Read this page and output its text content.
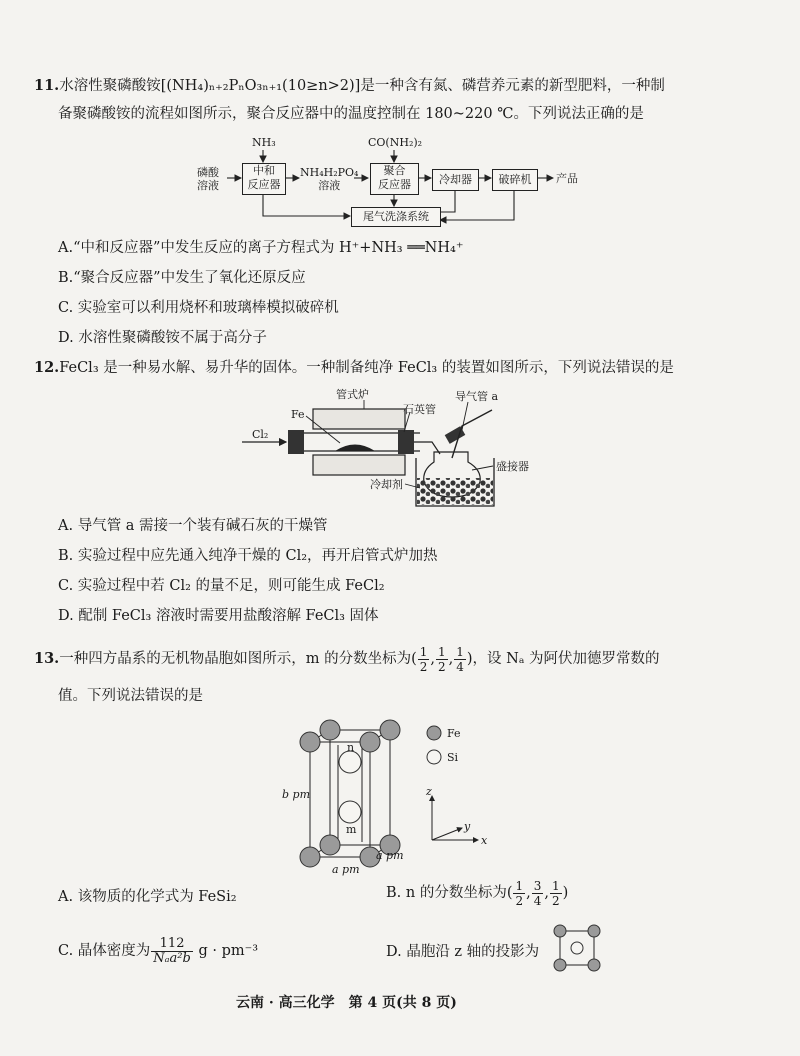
11.水溶性聚磷酸铵[(NH₄)ₙ₊₂PₙO₃ₙ₊₁(10≥n>2)]是一种含有氮、磷营养元素的新型肥料，一种制
备聚磷酸铵的流程如图所示，聚合反应器中的温度控制在 180~220 ℃。下列说法正确的是
磷酸
溶液
NH₃
中和
反应器
NH₄H₂PO₄
溶液
CO(NH₂)₂
聚合
反应器	冷却器	破碎机	产品
尾气洗涤系统
A.“中和反应器”中发生反应的离子方程式为 H⁺+NH₃ ══NH₄⁺
B.“聚合反应器”中发生了氧化还原反应
C. 实验室可以利用烧杯和玻璃棒模拟破碎机
D. 水溶性聚磷酸铵不属于高分子
12.FeCl₃ 是一种易水解、易升华的固体。一种制备纯净 FeCl₃ 的装置如图所示，下列说法错误的是
管式炉
石英管
Fe
Cl₂
导气管 a
盛接器
冷却剂
A. 导气管 a 需接一个装有碱石灰的干燥管
B. 实验过程中应先通入纯净干燥的 Cl₂，再开启管式炉加热
C. 实验过程中若 Cl₂ 的量不足，则可能生成 FeCl₂
D. 配制 FeCl₃ 溶液时需要用盐酸溶解 FeCl₃ 固体
13.一种四方晶系的无机物晶胞如图所示，m 的分数坐标为( $\frac{1}{2}$ , $\frac{1}{2}$ , $\frac{1}{4}$ )，设 Nₐ 为阿伏加德罗常数的
值。下列说法错误的是
Fe
Si
n
m
b pm
a pm
a pm
z
y
x
A. 该物质的化学式为 FeSi₂	B. n 的分数坐标为( $\frac{1}{2}$ , $\frac{3}{4}$ , $\frac{1}{2}$ )
C. 晶体密度为 $\frac{112}{\text{Nₐa²b}}$ g · pm⁻³	D. 晶胞沿 z 轴的投影为
云南 · 高三化学　第 4 页(共 8 页)
